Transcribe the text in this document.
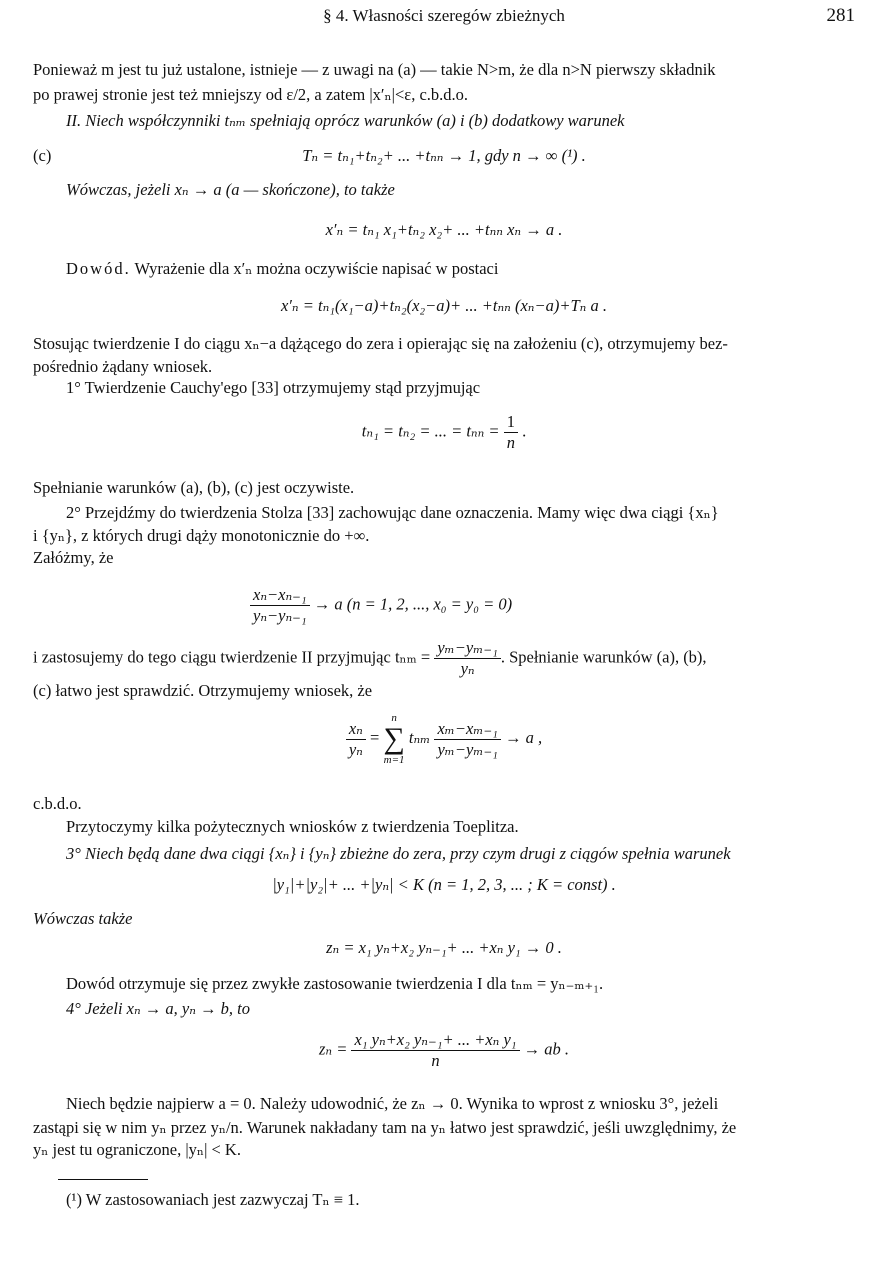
§ 4. Własności szeregów zbieżnych	281
Ponieważ m jest tu już ustalone, istnieje — z uwagi na (a) — takie N>m, że dla n>N pierwszy składnik
po prawej stronie jest też mniejszy od ε/2, a zatem |x′ₙ|<ε, c.b.d.o.
II. Niech współczynniki tₙₘ spełniają oprócz warunków (a) i (b) dodatkowy warunek
(c)	Tₙ = tₙ₁+tₙ₂+ ... +tₙₙ → 1, gdy n → ∞ (¹) .
Wówczas, jeżeli xₙ → a (a — skończone), to także
x′ₙ = tₙ₁ x₁+tₙ₂ x₂+ ... +tₙₙ xₙ → a .
Dowód. Wyrażenie dla x′ₙ można oczywiście napisać w postaci
x′ₙ = tₙ₁(x₁−a)+tₙ₂(x₂−a)+ ... +tₙₙ (xₙ−a)+Tₙ a .
Stosując twierdzenie I do ciągu xₙ−a dążącego do zera i opierając się na założeniu (c), otrzymujemy bez-
pośrednio żądany wniosek.
1° Twierdzenie Cauchy'ego [33] otrzymujemy stąd przyjmując
tₙ₁ = tₙ₂ = ... = $t_{nn} = \frac{1}{n}$ .
Spełnianie warunków (a), (b), (c) jest oczywiste.
2° Przejdźmy do twierdzenia Stolza [33] zachowując dane oznaczenia. Mamy więc dwa ciągi {xₙ}
i {yₙ}, z których drugi dąży monotonicznie do +∞.
Załóżmy, że
$\frac{\text{xₙ−xₙ₋₁}}{\text{yₙ−yₙ₋₁}} \to a$ (n = 1, 2, ..., x₀ = y₀ = 0)
i zastosujemy do tego ciągu twierdzenie II przyjmując $t_{nm} = \frac{\text{yₘ−yₘ₋₁}}{\text{yₙ}}$ . Spełnianie warunków (a), (b),
(c) łatwo jest sprawdzić. Otrzymujemy wniosek, że
$\frac{\text{xₙ}}{\text{yₙ}}$ =
n
∑
m=1
tₙₘ $\frac{\text{xₘ−xₘ₋₁}}{\text{yₘ−yₘ₋₁}} \to a$ ,
c.b.d.o.
Przytoczymy kilka pożytecznych wniosków z twierdzenia Toeplitza.
3° Niech będą dane dwa ciągi {xₙ} i {yₙ} zbieżne do zera, przy czym drugi z ciągów spełnia warunek
|y₁|+|y₂|+ ... +|yₙ| < K (n = 1, 2, 3, ... ; K = const) .
Wówczas także
zₙ = x₁ yₙ+x₂ yₙ₋₁+ ... +xₙ y₁ → 0 .
Dowód otrzymuje się przez zwykłe zastosowanie twierdzenia I dla tₙₘ = yₙ₋ₘ₊₁.
4° Jeżeli xₙ → a, yₙ → b, to
$z_n = \frac{\text{x₁ yₙ+x₂ yₙ₋₁+ ... +xₙ y₁}}{n}$ → ab .
Niech będzie najpierw a = 0. Należy udowodnić, że zₙ → 0. Wynika to wprost z wniosku 3°, jeżeli
zastąpi się w nim yₙ przez yₙ/n. Warunek nakładany tam na yₙ łatwo jest sprawdzić, jeśli uwzględnimy, że
yₙ jest tu ograniczone, |yₙ| < K.
(¹) W zastosowaniach jest zazwyczaj Tₙ ≡ 1.
